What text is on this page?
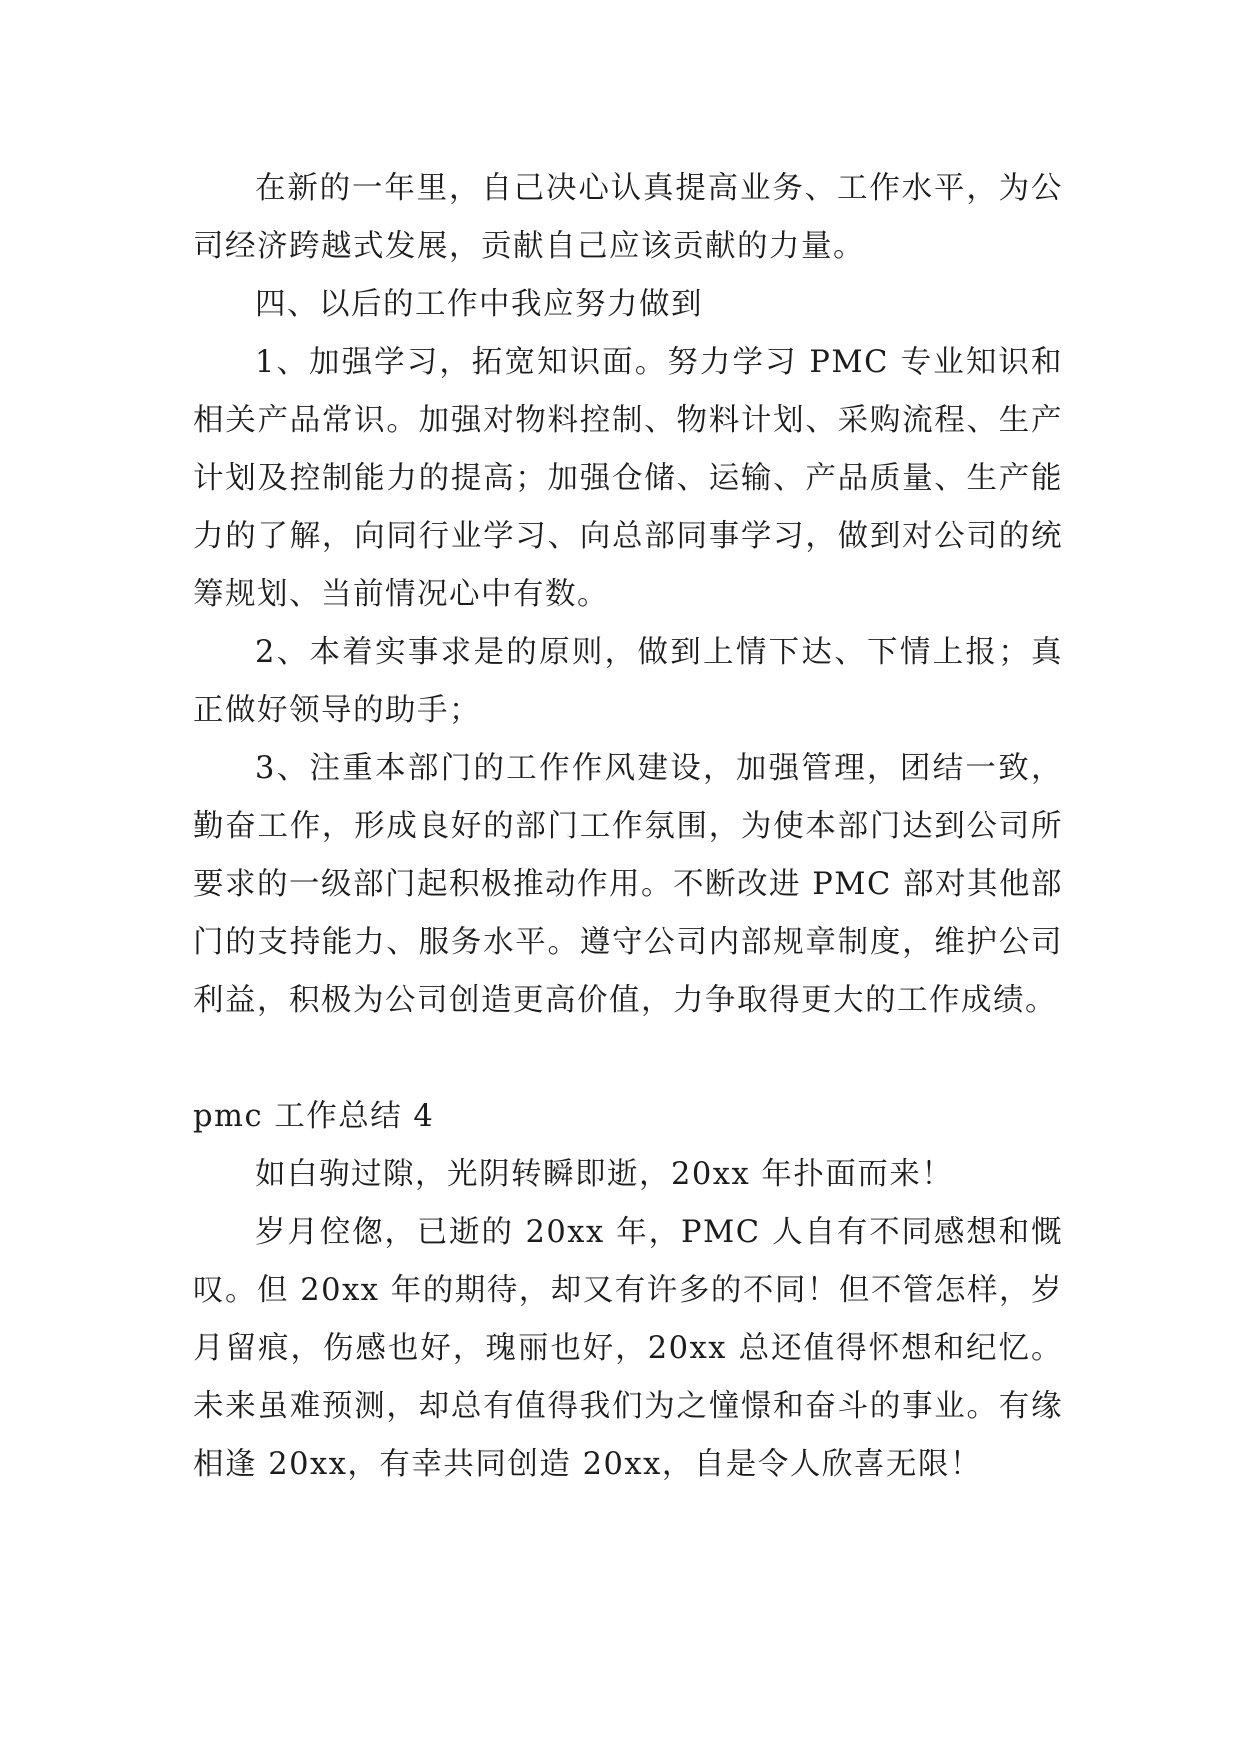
在新的一年里，自己决心认真提高业务、工作水平，为公司经济跨越式发展，贡献自己应该贡献的力量。

四、以后的工作中我应努力做到

1、加强学习，拓宽知识面。努力学习 PMC 专业知识和相关产品常识。加强对物料控制、物料计划、采购流程、生产计划及控制能力的提高；加强仓储、运输、产品质量、生产能力的了解，向同行业学习、向总部同事学习，做到对公司的统筹规划、当前情况心中有数。

2、本着实事求是的原则，做到上情下达、下情上报；真正做好领导的助手；

3、注重本部门的工作作风建设，加强管理，团结一致，勤奋工作，形成良好的部门工作氛围，为使本部门达到公司所要求的一级部门起积极推动作用。不断改进 PMC 部对其他部门的支持能力、服务水平。遵守公司内部规章制度，维护公司利益，积极为公司创造更高价值，力争取得更大的工作成绩。

pmc 工作总结 4

如白驹过隙，光阴转瞬即逝，20xx 年扑面而来！

岁月倥偬，已逝的 20xx 年，PMC 人自有不同感想和慨叹。但 20xx 年的期待，却又有许多的不同！但不管怎样，岁月留痕，伤感也好，瑰丽也好，20xx 总还值得怀想和纪忆。未来虽难预测，却总有值得我们为之憧憬和奋斗的事业。有缘相逢 20xx，有幸共同创造 20xx，自是令人欣喜无限！
